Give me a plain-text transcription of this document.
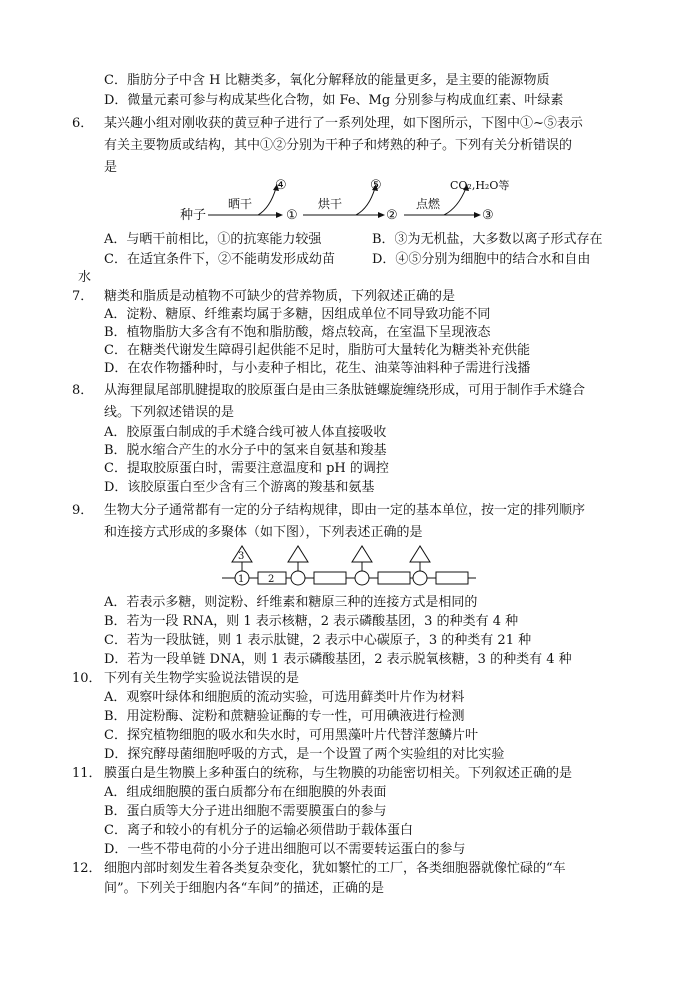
C．脂肪分子中含 H 比糖类多，氧化分解释放的能量更多，是主要的能源物质
D．微量元素可参与构成某些化合物，如 Fe、Mg 分别参与构成血红素、叶绿素
6． 某兴趣小组对刚收获的黄豆种子进行了一系列处理，如下图所示，下图中①~⑤表示
有关主要物质或结构，其中①②分别为干种子和烤熟的种子。下列有关分析错误的
是
种子
晒干
④
①
烘干
⑤
②
点燃
CO₂,H₂O等
③
A．与晒干前相比，①的抗寒能力较强	B．③为无机盐，大多数以离子形式存在
C．在适宜条件下，②不能萌发形成幼苗	D．④⑤分别为细胞中的结合水和自由
水
7． 糖类和脂质是动植物不可缺少的营养物质，下列叙述正确的是
A．淀粉、糖原、纤维素均属于多糖，因组成单位不同导致功能不同
B．植物脂肪大多含有不饱和脂肪酸，熔点较高，在室温下呈现液态
C．在糖类代谢发生障碍引起供能不足时，脂肪可大量转化为糖类补充供能
D．在农作物播种时，与小麦种子相比，花生、油菜等油料种子需进行浅播
8． 从海狸鼠尾部肌腱提取的胶原蛋白是由三条肽链螺旋缠绕形成，可用于制作手术缝合
线。下列叙述错误的是
A．胶原蛋白制成的手术缝合线可被人体直接吸收
B．脱水缩合产生的水分子中的氢来自氨基和羧基
C．提取胶原蛋白时，需要注意温度和 pH 的调控
D．该胶原蛋白至少含有三个游离的羧基和氨基
9． 生物大分子通常都有一定的分子结构规律，即由一定的基本单位，按一定的排列顺序
和连接方式形成的多聚体（如下图），下列表述正确的是
3
1 2
A．若表示多糖，则淀粉、纤维素和糖原三种的连接方式是相同的
B．若为一段 RNA，则 1 表示核糖，2 表示磷酸基团，3 的种类有 4 种
C．若为一段肽链，则 1 表示肽键，2 表示中心碳原子，3 的种类有 21 种
D．若为一段单链 DNA，则 1 表示磷酸基团，2 表示脱氧核糖，3 的种类有 4 种
10． 下列有关生物学实验说法错误的是
A．观察叶绿体和细胞质的流动实验，可选用藓类叶片作为材料
B．用淀粉酶、淀粉和蔗糖验证酶的专一性，可用碘液进行检测
C．探究植物细胞的吸水和失水时，可用黑藻叶片代替洋葱鳞片叶
D．探究酵母菌细胞呼吸的方式，是一个设置了两个实验组的对比实验
11． 膜蛋白是生物膜上多种蛋白的统称，与生物膜的功能密切相关。下列叙述正确的是
A．组成细胞膜的蛋白质都分布在细胞膜的外表面
B．蛋白质等大分子进出细胞不需要膜蛋白的参与
C．离子和较小的有机分子的运输必须借助于载体蛋白
D．一些不带电荷的小分子进出细胞可以不需要转运蛋白的参与
12． 细胞内部时刻发生着各类复杂变化，犹如繁忙的工厂，各类细胞器就像忙碌的“车
间”。下列关于细胞内各“车间”的描述，正确的是
